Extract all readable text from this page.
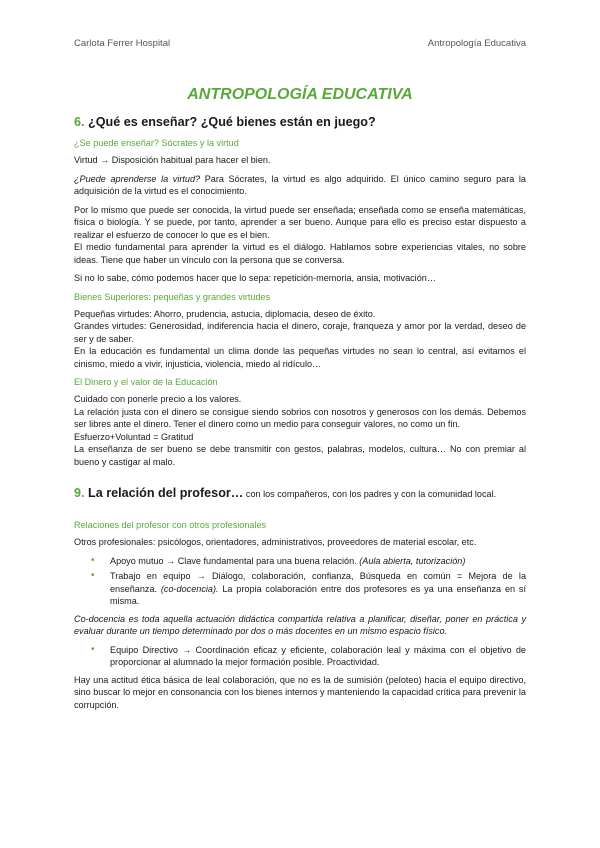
Carlota Ferrer Hospital	Antropología Educativa
ANTROPOLOGÍA EDUCATIVA
6. ¿Qué es enseñar? ¿Qué bienes están en juego?
¿Se puede enseñar? Sócrates y la virtud

Virtud → Disposición habitual para hacer el bien.

¿Puede aprenderse la virtud? Para Sócrates, la virtud es algo adquirido. El único camino seguro para la adquisición de la virtud es el conocimiento.

Por lo mismo que puede ser conocida, la virtud puede ser enseñada; enseñada como se enseña matemáticas, física o biología. Y se puede, por tanto, aprender a ser bueno. Aunque para ello es preciso estar dispuesto a realizar el esfuerzo de conocer lo que es el bien.

El medio fundamental para aprender la virtud es el diálogo. Hablamos sobre experiencias vitales, no sobre ideas. Tiene que haber un vínculo con la persona que se conversa.

Si no lo sabe, cómo podemos hacer que lo sepa: repetición-memoria, ansia, motivación…

Bienes Superiores: pequeñas y grandes virtudes

Pequeñas virtudes: Ahorro, prudencia, astucia, diplomacia, deseo de éxito.

Grandes virtudes: Generosidad, indiferencia hacia el dinero, coraje, franqueza y amor por la verdad, deseo de ser y de saber.

En la educación es fundamental un clima donde las pequeñas virtudes no sean lo central, así evitamos el cinismo, miedo a vivir, injusticia, violencia, miedo al ridículo…

El Dinero y el valor de la Educación

Cuidado con ponerle precio a los valores.

La relación justa con el dinero se consigue siendo sobrios con nosotros y generosos con los demás. Debemos ser libres ante el dinero. Tener el dinero como un medio para conseguir valores, no como un fin.

Esfuerzo+Voluntad = Gratitud

La enseñanza de ser bueno se debe transmitir con gestos, palabras, modelos, cultura… No con premiar al bueno y castigar al malo.

9. La relación del profesor… con los compañeros, con los padres y con la comunidad local.
Relaciones del profesor con otros profesionales

Otros profesionales: psicólogos, orientadores, administrativos, proveedores de material escolar, etc.

• Apoyo mutuo → Clave fundamental para una buena relación. (Aula abierta, tutorización)
• Trabajo en equipo → Diálogo, colaboración, confianza, Búsqueda en común = Mejora de la enseñanza. (co-docencia). La propia colaboración entre dos profesores es ya una enseñanza en sí misma.

Co-docencia es toda aquella actuación didáctica compartida relativa a planificar, diseñar, poner en práctica y evaluar durante un tiempo determinado por dos o más docentes en un mismo espacio físico.

• Equipo Directivo → Coordinación eficaz y eficiente, colaboración leal y máxima con el objetivo de proporcionar al alumnado la mejor formación posible. Proactividad.

Hay una actitud ética básica de leal colaboración, que no es la de sumisión (peloteo) hacia el equipo directivo, sino buscar lo mejor en consonancia con los bienes internos y manteniendo la capacidad crítica para prevenir la corrupción.
